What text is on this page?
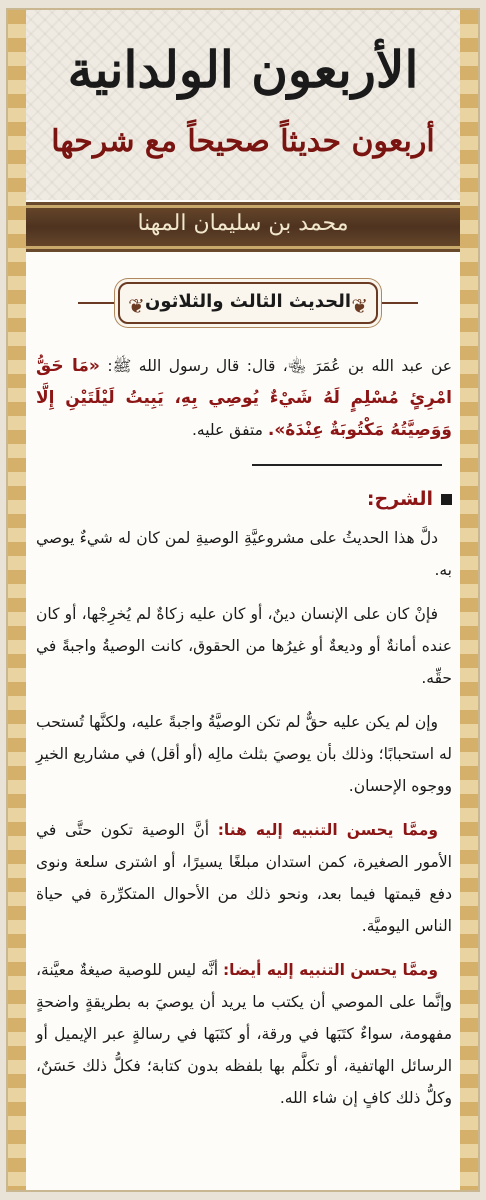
الأربعون الولدانية
أربعون حديثاً صحيحاً مع شرحها
محمد بن سليمان المهنا
❦
❦ الحديث الثالث والثلاثون

عن عبد الله بن عُمَرَ ﵄، قال: قال رسول الله ﷺ: «مَا حَقُّ امْرِئٍ مُسْلِمٍ لَهُ شَيْءٌ يُوصِي بِهِ، يَبِيتُ لَيْلَتَيْنِ إِلَّا وَوَصِيَّتُهُ مَكْتُوبَةٌ عِنْدَهُ». متفق عليه.

الشرح:

دلَّ هذا الحديثُ على مشروعيَّةِ الوصيةِ لمن كان له شيءٌ يوصي به.

فإنْ كان على الإنسان دينٌ، أو كان عليه زكاةٌ لم يُخرِجْها، أو كان عنده أمانةٌ أو وديعةٌ أو غيرُها من الحقوق، كانت الوصيةُ واجبةً في حقِّه.

وإن لم يكن عليه حقٌّ لم تكن الوصيَّةُ واجبةً عليه، ولكنَّها تُستحب له استحبابًا؛ وذلك بأن يوصيَ بثلث مالِه (أو أقل) في مشاريع الخيرِ ووجوه الإحسان.

وممَّا يحسن التنبيه إليه هنا: أنَّ الوصية تكون حتَّى في الأمور الصغيرة، كمن استدان مبلغًا يسيرًا، أو اشترى سلعة ونوى دفع قيمتها فيما بعد، ونحو ذلك من الأحوال المتكرِّرة في حياة الناس اليوميَّة.

وممَّا يحسن التنبيه إليه أيضا: أنَّه ليس للوصية صيغةٌ معيَّنة، وإنَّما على الموصي أن يكتب ما يريد أن يوصيَ به بطريقةٍ واضحةٍ مفهومة، سواءٌ كتَبَها في ورقة، أو كتَبَها في رسالةٍ عبر الإيميل أو الرسائل الهاتفية، أو تكلَّم بها بلفظه بدون كتابة؛ فكلُّ ذلك حَسَنٌ، وكلُّ ذلك كافٍ إن شاء الله.
